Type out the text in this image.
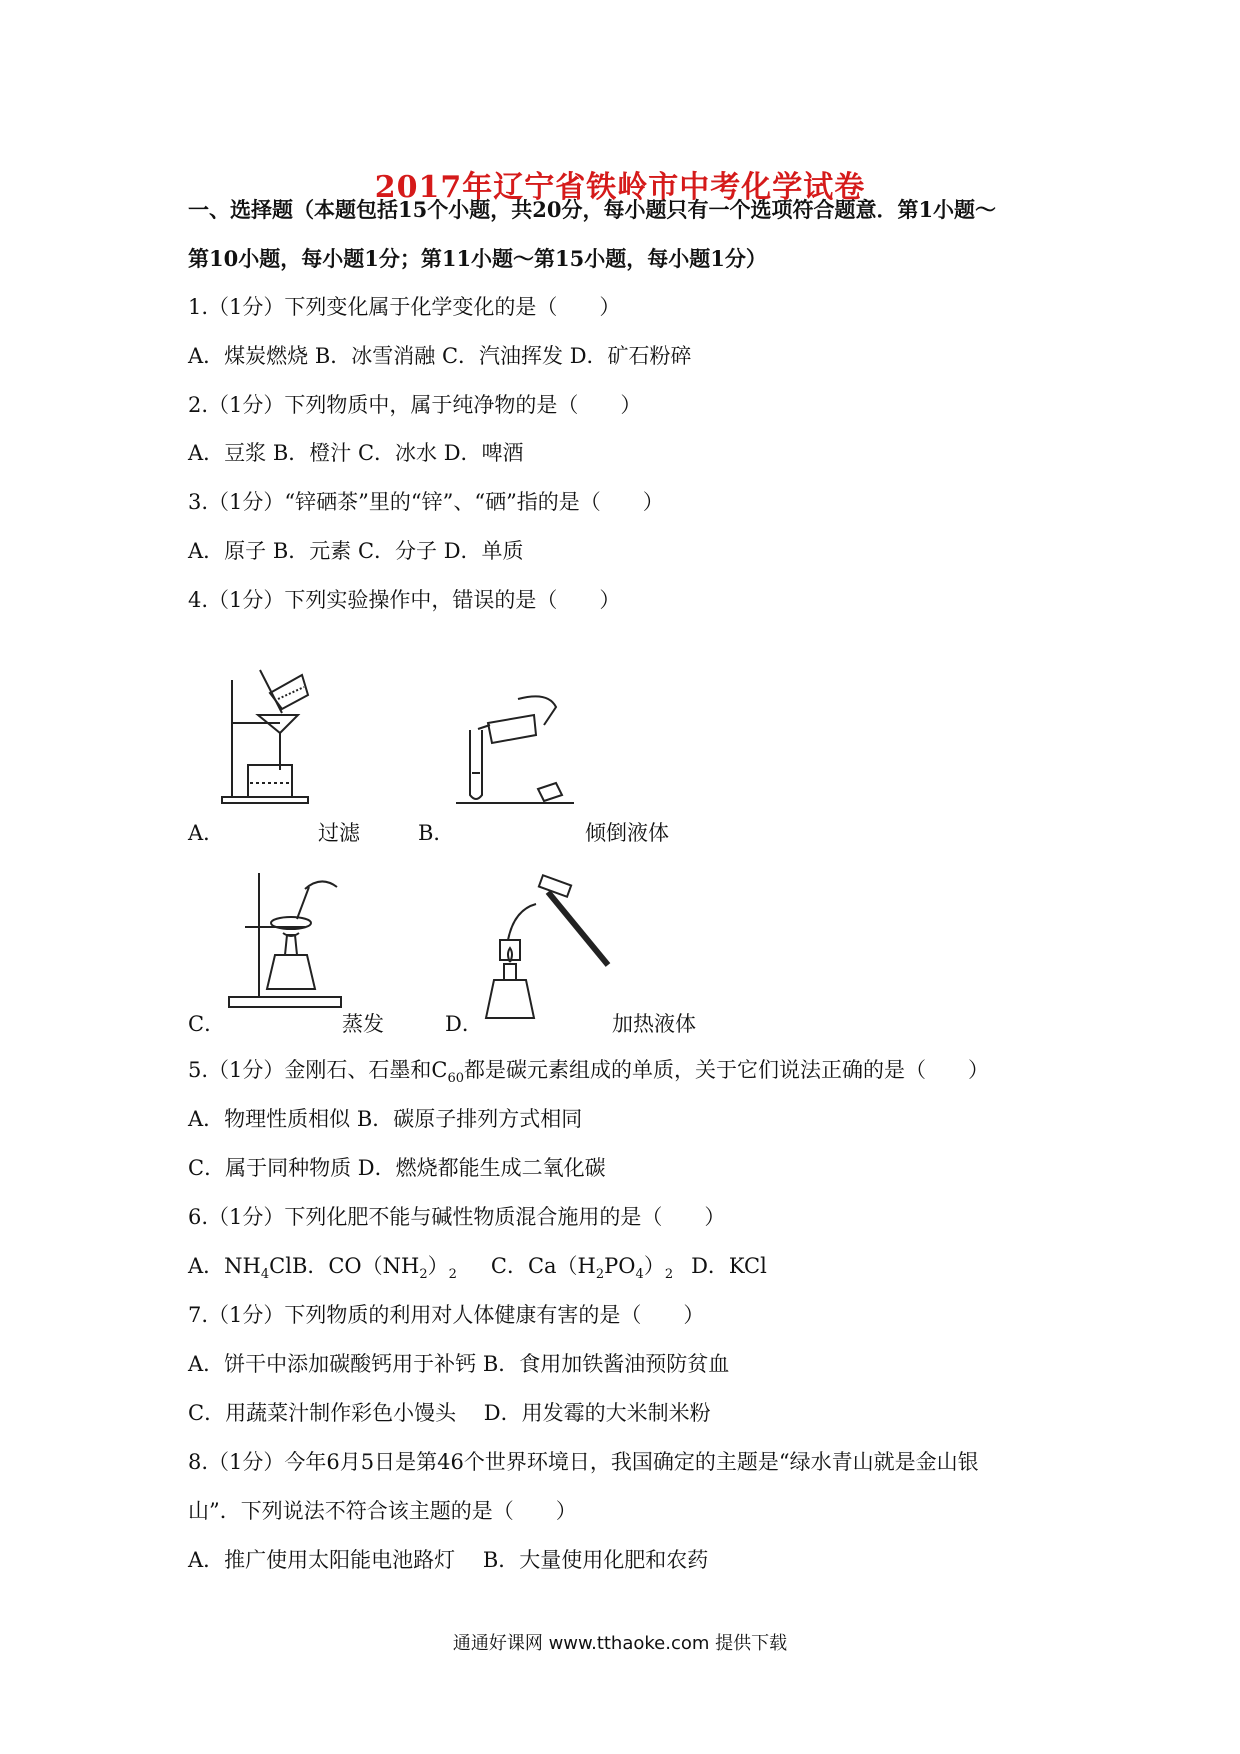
2017年辽宁省铁岭市中考化学试卷
一、选择题（本题包括15个小题，共20分，每小题只有一个选项符合题意．第1小题～
第10小题，每小题1分；第11小题～第15小题，每小题1分）
1.（1分）下列变化属于化学变化的是（　　）
A．煤炭燃烧 B．冰雪消融 C．汽油挥发 D．矿石粉碎
2.（1分）下列物质中，属于纯净物的是（　　）
A．豆浆 B．橙汁 C．冰水 D．啤酒
3.（1分）“锌硒茶”里的“锌”、“硒”指的是（　　）
A．原子 B．元素 C．分子 D．单质
4.（1分）下列实验操作中，错误的是（　　）
A．	过滤	B．	倾倒液体
C．	蒸发	D．	加热液体
5.（1分）金刚石、石墨和$C_{60}$都是碳元素组成的单质，关于它们说法正确的是（　　）
A．物理性质相似 B．碳原子排列方式相同
C．属于同种物质 D．燃烧都能生成二氧化碳
6.（1分）下列化肥不能与碱性物质混合施用的是（　　）
A．$NH_4ClB$．$CO(NH_2)_2$ C．$Ca(H_2PO_4)_2$ D．KCl
7.（1分）下列物质的利用对人体健康有害的是（　　）
A．饼干中添加碳酸钙用于补钙 B．食用加铁酱油预防贫血
C．用蔬菜汁制作彩色小馒头　 D．用发霉的大米制米粉
8.（1分）今年6月5日是第46个世界环境日，我国确定的主题是“绿水青山就是金山银
山”．下列说法不符合该主题的是（　　）
A．推广使用太阳能电池路灯　 B．大量使用化肥和农药
通通好课网 www.tthaoke.com 提供下载
